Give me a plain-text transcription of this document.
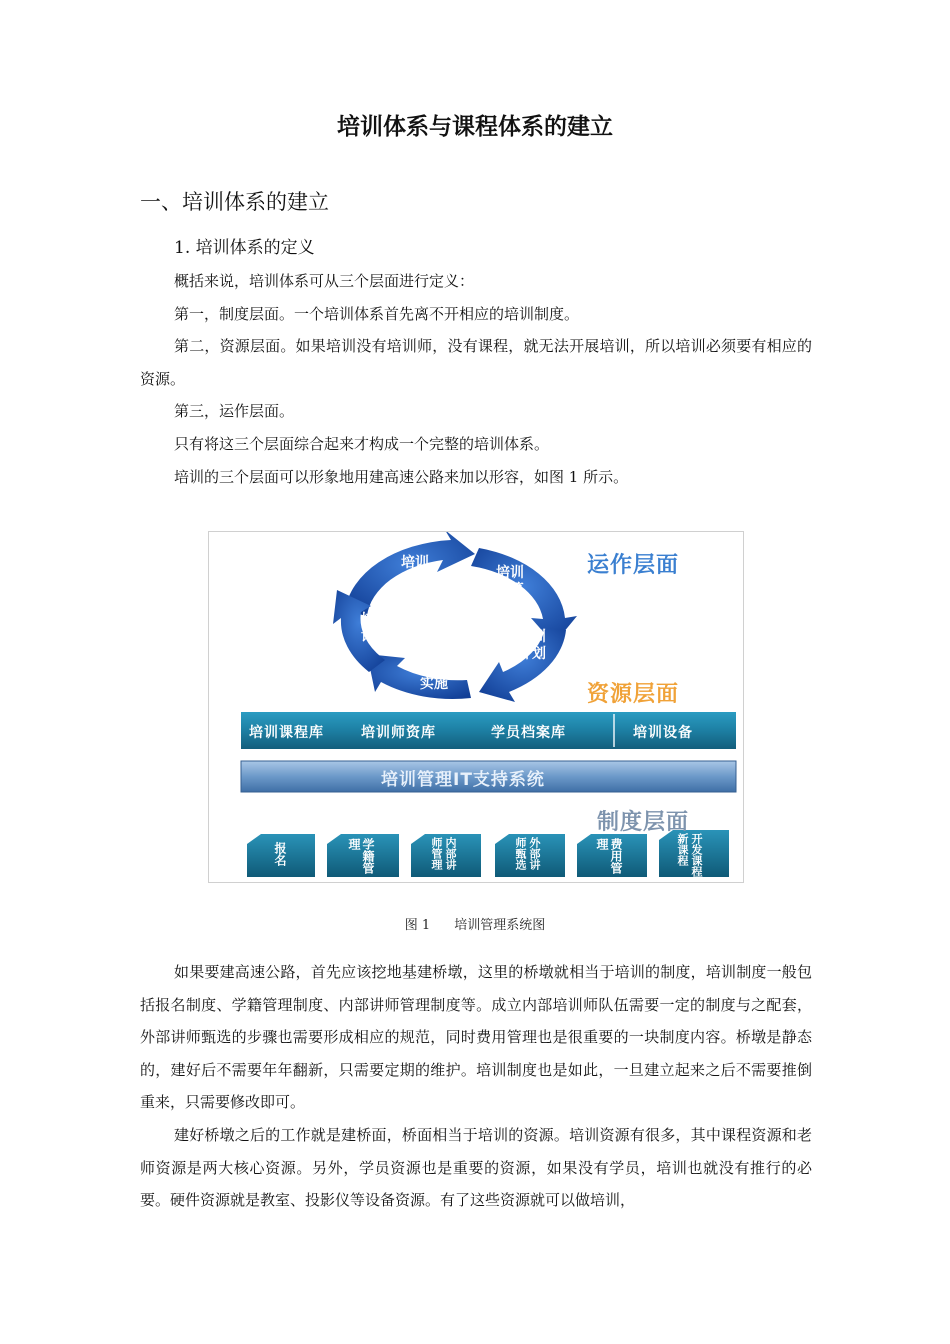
培训体系与课程体系的建立
一、培训体系的建立
1. 培训体系的定义

概括来说，培训体系可从三个层面进行定义：

第一，制度层面。一个培训体系首先离不开相应的培训制度。

第二，资源层面。如果培训没有培训师，没有课程，就无法开展培训，所以培训必须要有相应的资源。

第三，运作层面。

只有将这三个层面综合起来才构成一个完整的培训体系。

培训的三个层面可以形象地用建高速公路来加以形容，如图 1 所示。

培训
需求	培训
预算
培训
计划
培训
实施
培训
评估
运作层面
资源层面
制度层面
培训课程库	培训师资库	学员档案库	培训设备
培训管理IT支持系统
报名	学籍管理	内部讲师管理	外部讲师甄选	费用管理	开发课程新课程
图 1 培训管理系统图

如果要建高速公路，首先应该挖地基建桥墩，这里的桥墩就相当于培训的制度，培训制度一般包括报名制度、学籍管理制度、内部讲师管理制度等。成立内部培训师队伍需要一定的制度与之配套，外部讲师甄选的步骤也需要形成相应的规范，同时费用管理也是很重要的一块制度内容。桥墩是静态的，建好后不需要年年翻新，只需要定期的维护。培训制度也是如此，一旦建立起来之后不需要推倒重来，只需要修改即可。

建好桥墩之后的工作就是建桥面，桥面相当于培训的资源。培训资源有很多，其中课程资源和老师资源是两大核心资源。另外，学员资源也是重要的资源，如果没有学员，培训也就没有推行的必要。硬件资源就是教室、投影仪等设备资源。有了这些资源就可以做培训，
